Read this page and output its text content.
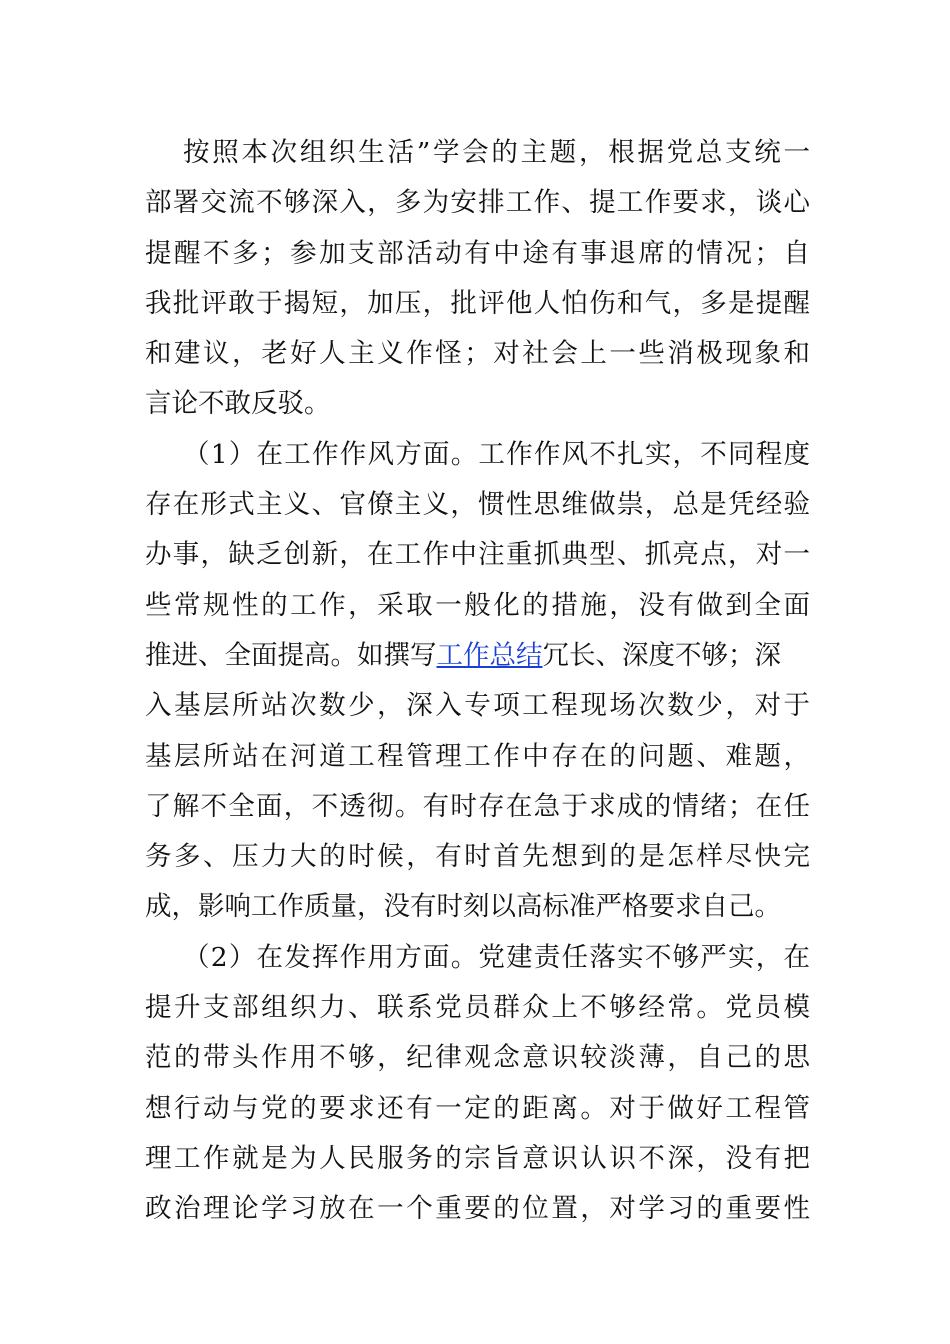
按照本次组织生活”学会的主题，根据党总支统一
部署交流不够深入，多为安排工作、提工作要求，谈心
提醒不多；参加支部活动有中途有事退席的情况；自
我批评敢于揭短，加压，批评他人怕伤和气，多是提醒
和建议，老好人主义作怪；对社会上一些消极现象和
言论不敢反驳。
（1）在工作作风方面。工作作风不扎实，不同程度
存在形式主义、官僚主义，惯性思维做祟，总是凭经验
办事，缺乏创新，在工作中注重抓典型、抓亮点，对一
些常规性的工作，采取一般化的措施，没有做到全面
推进、全面提高。如撰写工作总结冗长、深度不够；深
入基层所站次数少，深入专项工程现场次数少，对于
基层所站在河道工程管理工作中存在的问题、难题，
了解不全面，不透彻。有时存在急于求成的情绪；在任
务多、压力大的时候，有时首先想到的是怎样尽快完
成，影响工作质量，没有时刻以高标准严格要求自己。
（2）在发挥作用方面。党建责任落实不够严实，在
提升支部组织力、联系党员群众上不够经常。党员模
范的带头作用不够，纪律观念意识较淡薄，自己的思
想行动与党的要求还有一定的距离。对于做好工程管
理工作就是为人民服务的宗旨意识认识不深，没有把
政治理论学习放在一个重要的位置，对学习的重要性
